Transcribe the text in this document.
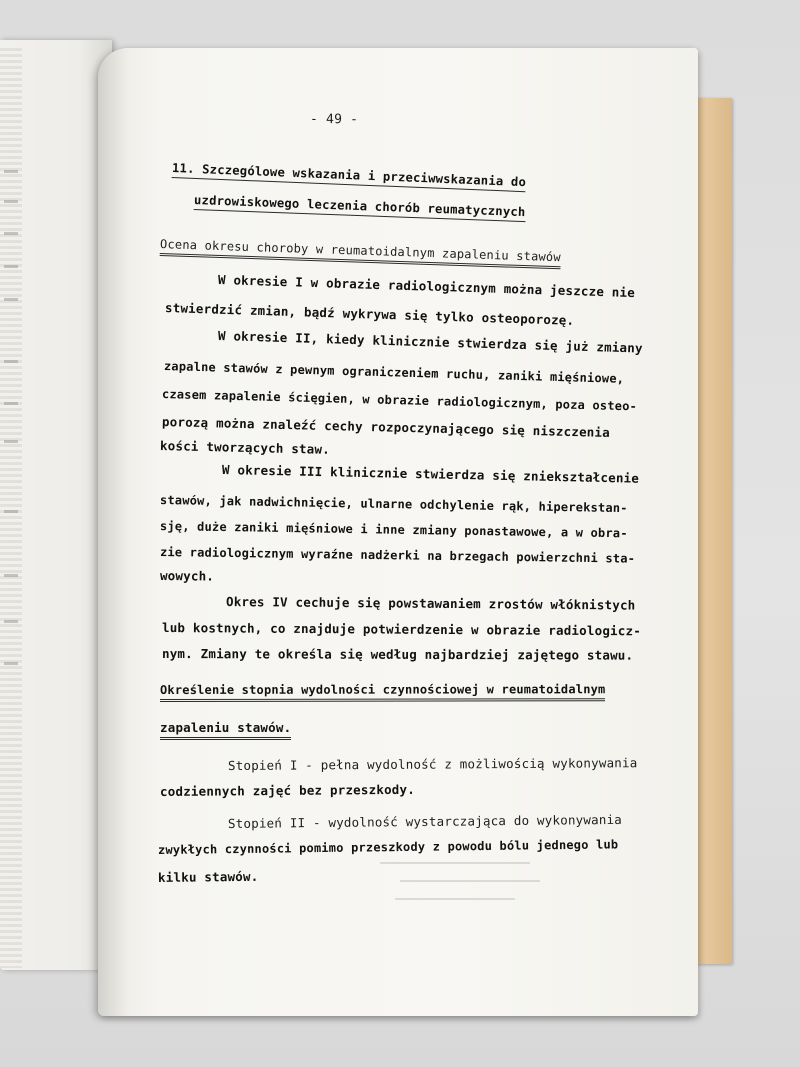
- 49 -
11. Szczególowe wskazania i przeciwwskazania do
uzdrowiskowego leczenia chorób reumatycznych
Ocena okresu choroby w reumatoidalnym zapaleniu stawów
W okresie I w obrazie radiologicznym można jeszcze nie
stwierdzić zmian, bądź wykrywa się tylko osteoporozę.
W okresie II, kiedy klinicznie stwierdza się już zmiany
zapalne stawów z pewnym ograniczeniem ruchu, zaniki mięśniowe,
czasem zapalenie ścięgien, w obrazie radiologicznym, poza osteo-
porozą można znaleźć cechy rozpoczynającego się niszczenia
kości tworzących staw.
W okresie III klinicznie stwierdza się zniekształcenie
stawów, jak nadwichnięcie, ulnarne odchylenie rąk, hiperekstan-
sję, duże zaniki mięśniowe i inne zmiany ponastawowe, a w obra-
zie radiologicznym wyraźne nadżerki na brzegach powierzchni sta-
wowych.
Okres IV cechuje się powstawaniem zrostów włóknistych
lub kostnych, co znajduje potwierdzenie w obrazie radiologicz-
nym. Zmiany te określa się według najbardziej zajętego stawu.
Określenie stopnia wydolności czynnościowej w reumatoidalnym
zapaleniu stawów.
Stopień I - pełna wydolność z możliwością wykonywania
codziennych zajęć bez przeszkody.
Stopień II - wydolność wystarczająca do wykonywania
zwykłych czynności pomimo przeszkody z powodu bólu jednego lub
kilku stawów.
